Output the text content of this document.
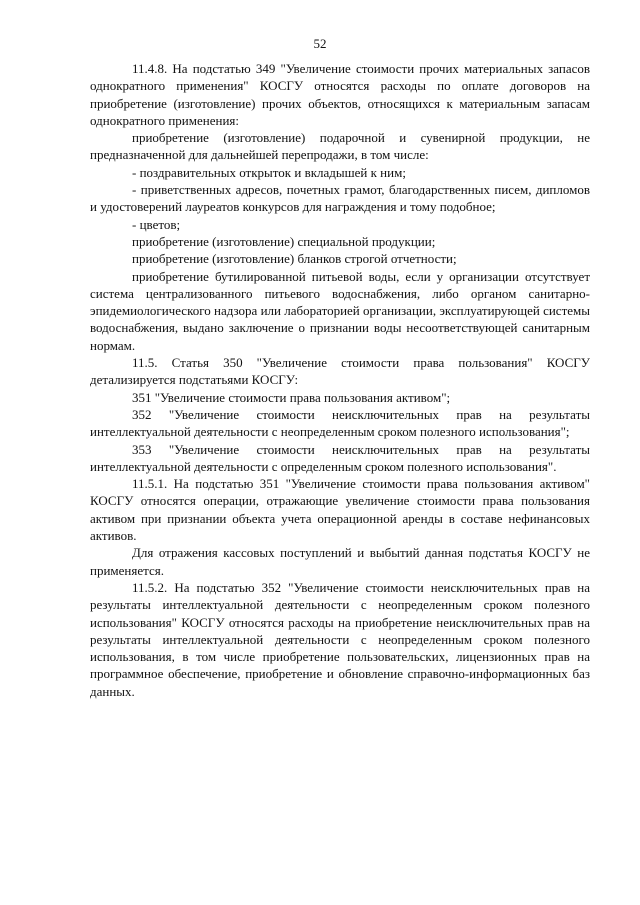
52

11.4.8. На подстатью 349 "Увеличение стоимости прочих материальных запасов однократного применения" КОСГУ относятся расходы по оплате договоров на приобретение (изготовление) прочих объектов, относящихся к материальным запасам однократного применения:

приобретение (изготовление) подарочной и сувенирной продукции, не предназначенной для дальнейшей перепродажи, в том числе:

- поздравительных открыток и вкладышей к ним;

- приветственных адресов, почетных грамот, благодарственных писем, дипломов и удостоверений лауреатов конкурсов для награждения и тому подобное;

- цветов;

приобретение (изготовление) специальной продукции;

приобретение (изготовление) бланков строгой отчетности;

приобретение бутилированной питьевой воды, если у организации отсутствует система централизованного питьевого водоснабжения, либо органом санитарно-эпидемиологического надзора или лабораторией организации, эксплуатирующей системы водоснабжения, выдано заключение о признании воды несоответствующей санитарным нормам.

11.5. Статья 350 "Увеличение стоимости права пользования" КОСГУ детализируется подстатьями КОСГУ:

351 "Увеличение стоимости права пользования активом";

352 "Увеличение стоимости неисключительных прав на результаты интеллектуальной деятельности с неопределенным сроком полезного использования";

353 "Увеличение стоимости неисключительных прав на результаты интеллектуальной деятельности с определенным сроком полезного использования".

11.5.1. На подстатью 351 "Увеличение стоимости права пользования активом" КОСГУ относятся операции, отражающие увеличение стоимости права пользования активом при признании объекта учета операционной аренды в составе нефинансовых активов.

Для отражения кассовых поступлений и выбытий данная подстатья КОСГУ не применяется.

11.5.2. На подстатью 352 "Увеличение стоимости неисключительных прав на результаты интеллектуальной деятельности с неопределенным сроком полезного использования" КОСГУ относятся расходы на приобретение неисключительных прав на результаты интеллектуальной деятельности с неопределенным сроком полезного использования, в том числе приобретение пользовательских, лицензионных прав на программное обеспечение, приобретение и обновление справочно-информационных баз данных.
